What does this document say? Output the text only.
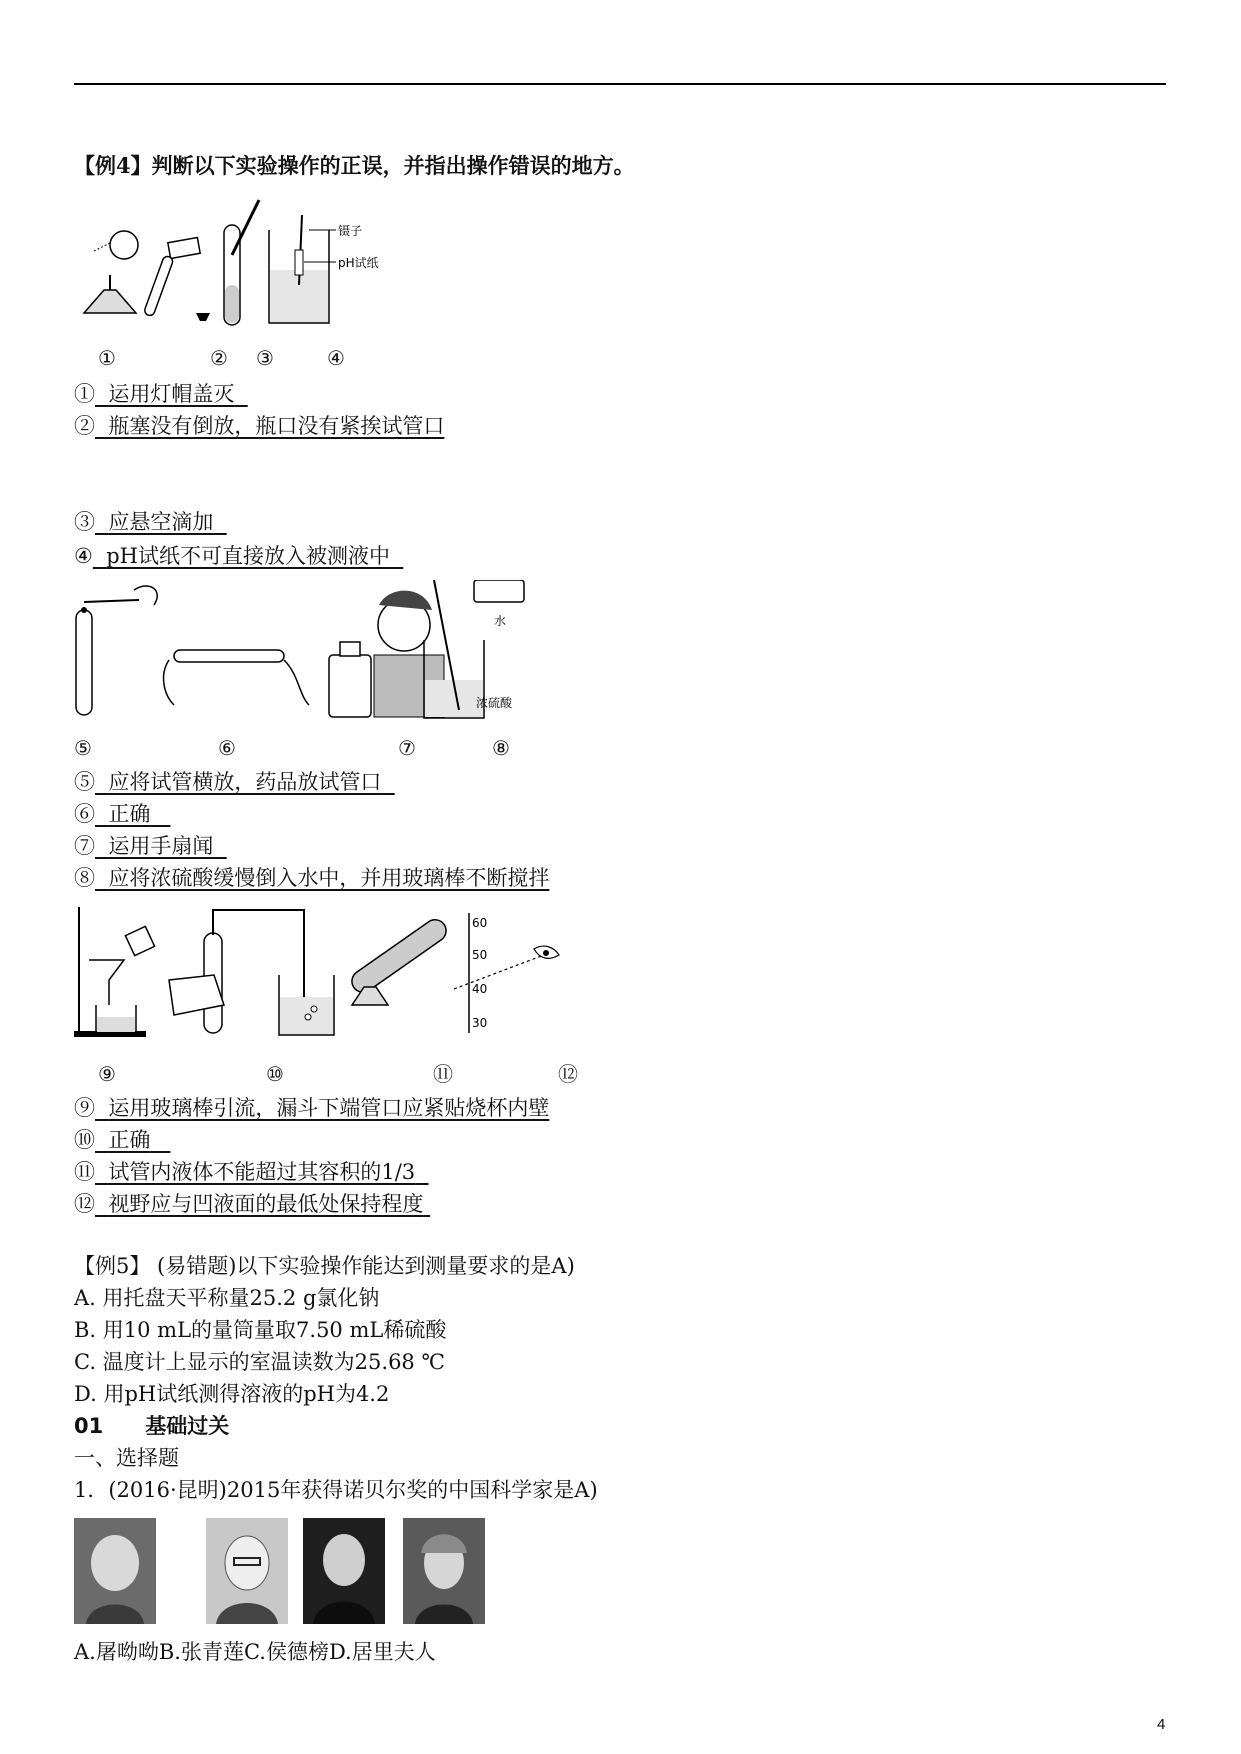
【例4】判断以下实验操作的正误，并指出操作错误的地方。
镊子
pH试纸
①	② ③	④
① 运用灯帽盖灭
② 瓶塞没有倒放，瓶口没有紧挨试管口
③ 应悬空滴加
④ pH试纸不可直接放入被测液中
水
浓硫酸
⑤	⑥	⑦	⑧
⑤ 应将试管横放，药品放试管口
⑥ 正确
⑦ 运用手扇闻
⑧ 应将浓硫酸缓慢倒入水中，并用玻璃棒不断搅拌
60
50
40
30
⑨	⑩	⑪	⑫
⑨ 运用玻璃棒引流，漏斗下端管口应紧贴烧杯内壁
⑩ 正确
⑪ 试管内液体不能超过其容积的1/3
⑫ 视野应与凹液面的最低处保持程度
【例5】 (易错题)以下实验操作能达到测量要求的是A)
A. 用托盘天平称量25.2 g氯化钠
B. 用10 mL的量筒量取7.50 mL稀硫酸
C. 温度计上显示的室温读数为25.68 ℃
D. 用pH试纸测得溶液的pH为4.2
01　　基础过关
一、选择题
1．(2016·昆明)2015年获得诺贝尔奖的中国科学家是A)
A.屠呦呦B.张青莲C.侯德榜D.居里夫人
4
